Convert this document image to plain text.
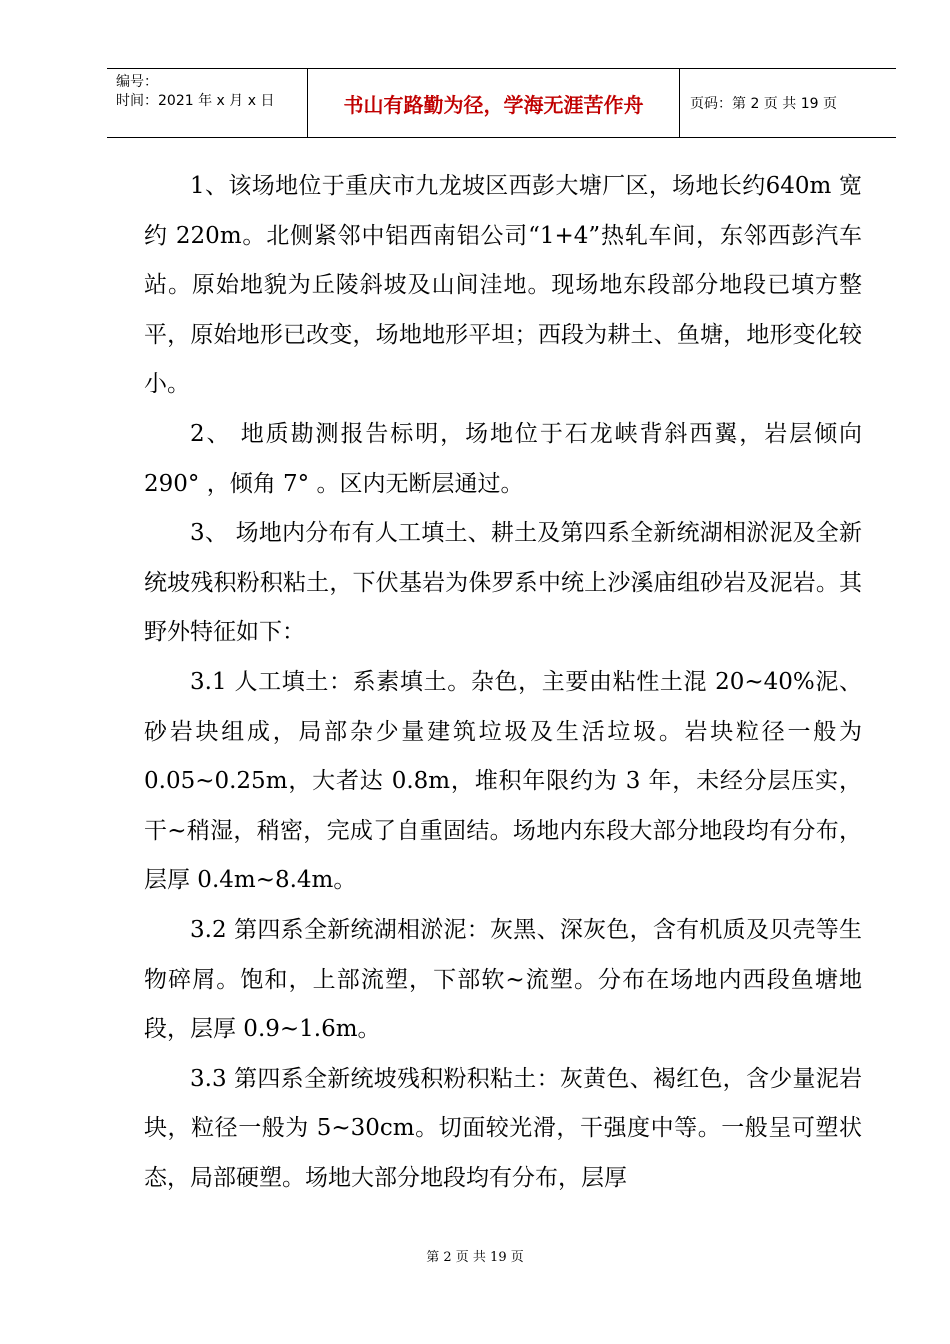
编号：
时间：2021 年 x 月 x 日	书山有路勤为径，学海无涯苦作舟	页码：第 2 页 共 19 页

1、该场地位于重庆市九龙坡区西彭大塘厂区，场地长约640m 宽约 220m。北侧紧邻中铝西南铝公司“1+4”热轧车间，东邻西彭汽车站。原始地貌为丘陵斜坡及山间洼地。现场地东段部分地段已填方整平，原始地形已改变，场地地形平坦；西段为耕土、鱼塘，地形变化较小。

2、 地质勘测报告标明，场地位于石龙峡背斜西翼，岩层倾向 290° ，倾角 7° 。区内无断层通过。

3、 场地内分布有人工填土、耕土及第四系全新统湖相淤泥及全新统坡残积粉积粘土，下伏基岩为侏罗系中统上沙溪庙组砂岩及泥岩。其野外特征如下：

3.1 人工填土：系素填土。杂色，主要由粘性土混 20~40%泥、砂岩块组成，局部杂少量建筑垃圾及生活垃圾。岩块粒径一般为0.05~0.25m，大者达 0.8m，堆积年限约为 3 年，未经分层压实，干~稍湿，稍密，完成了自重固结。场地内东段大部分地段均有分布，层厚 0.4m~8.4m。

3.2 第四系全新统湖相淤泥：灰黑、深灰色，含有机质及贝壳等生物碎屑。饱和，上部流塑，下部软~流塑。分布在场地内西段鱼塘地段，层厚 0.9~1.6m。

3.3 第四系全新统坡残积粉积粘土：灰黄色、褐红色，含少量泥岩块，粒径一般为 5~30cm。切面较光滑，干强度中等。一般呈可塑状态，局部硬塑。场地大部分地段均有分布，层厚

第 2 页 共 19 页
